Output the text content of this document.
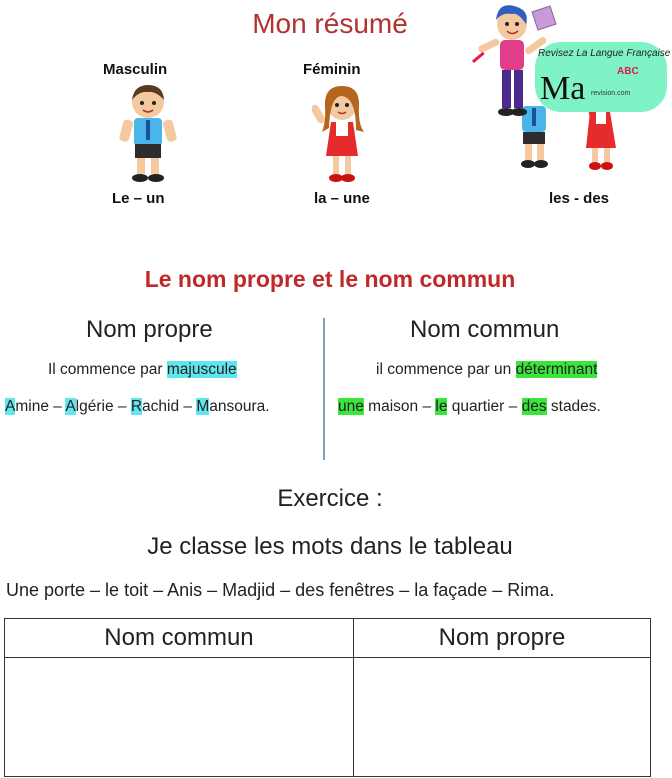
Mon résumé
Masculin	Féminin
Revisez La Langue Française
Ma	ABC
revision.com
Le – un	la – une	les - des
Le nom propre et le nom commun
Nom propre	Nom commun
Il commence par majuscule	il commence par un déterminant
Amine – Algérie – Rachid – Mansoura.	une maison – le quartier – des stades.
Exercice :
Je classe les mots dans le tableau
Une porte – le toit – Anis – Madjid – des fenêtres – la façade – Rima.
Nom commun	Nom propre
